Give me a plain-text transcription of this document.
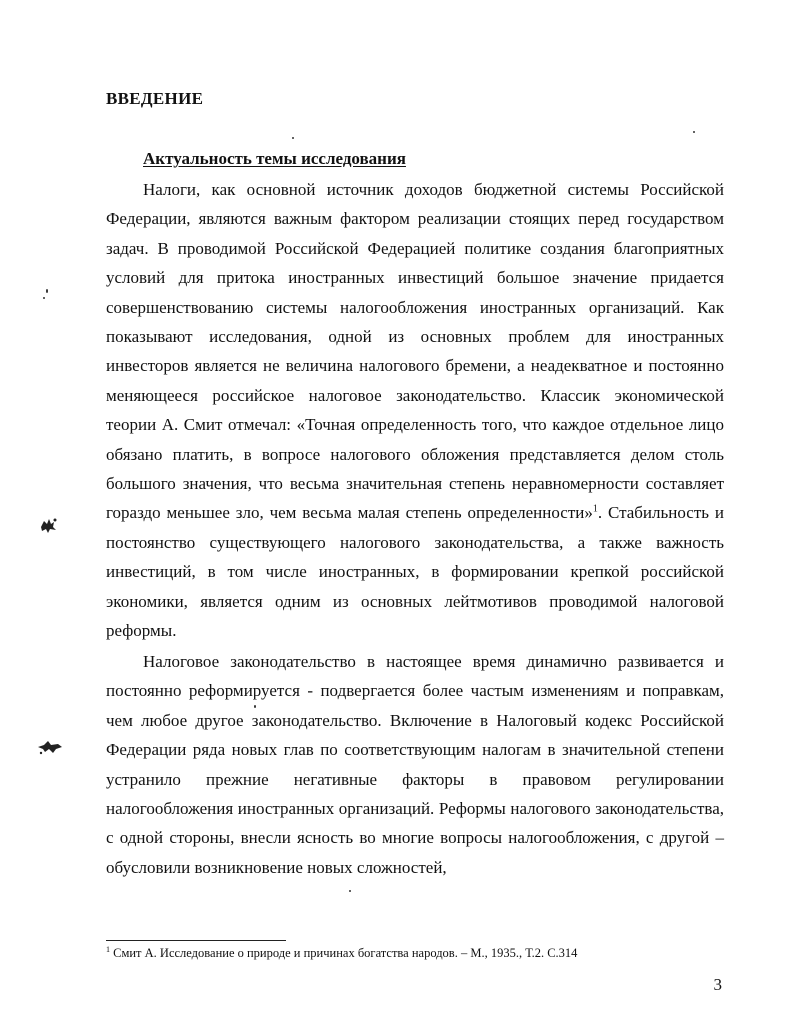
ВВЕДЕНИЕ
Актуальность темы исследования

Налоги, как основной источник доходов бюджетной системы Российской Федерации, являются важным фактором реализации стоящих перед государством задач. В проводимой Российской Федерацией политике создания благоприятных условий для притока иностранных инвестиций большое значение придается совершенствованию системы налогообложения иностранных организаций. Как показывают исследования, одной из основных проблем для иностранных инвесторов является не величина налогового бремени, а неадекватное и постоянно меняющееся российское налоговое законодательство. Классик экономической теории А. Смит отмечал: «Точная определенность того, что каждое отдельное лицо обязано платить, в вопросе налогового обложения представляется делом столь большого значения, что весьма значительная степень неравномерности составляет гораздо меньшее зло, чем весьма малая степень определенности»$^1$. Стабильность и постоянство существующего налогового законодательства, а также важность инвестиций, в том числе иностранных, в формировании крепкой российской экономики, является одним из основных лейтмотивов проводимой налоговой реформы.

Налоговое законодательство в настоящее время динамично развивается и постоянно реформируется - подвергается более частым изменениям и поправкам, чем любое другое законодательство. Включение в Налоговый кодекс Российской Федерации ряда новых глав по соответствующим налогам в значительной степени устранило прежние негативные факторы в правовом регулировании налогообложения иностранных организаций. Реформы налогового законодательства, с одной стороны, внесли ясность во многие вопросы налогообложения, с другой – обусловили возникновение новых сложностей,

$^1$ Смит А. Исследование о природе и причинах богатства народов. – М., 1935., Т.2. С.314
3
